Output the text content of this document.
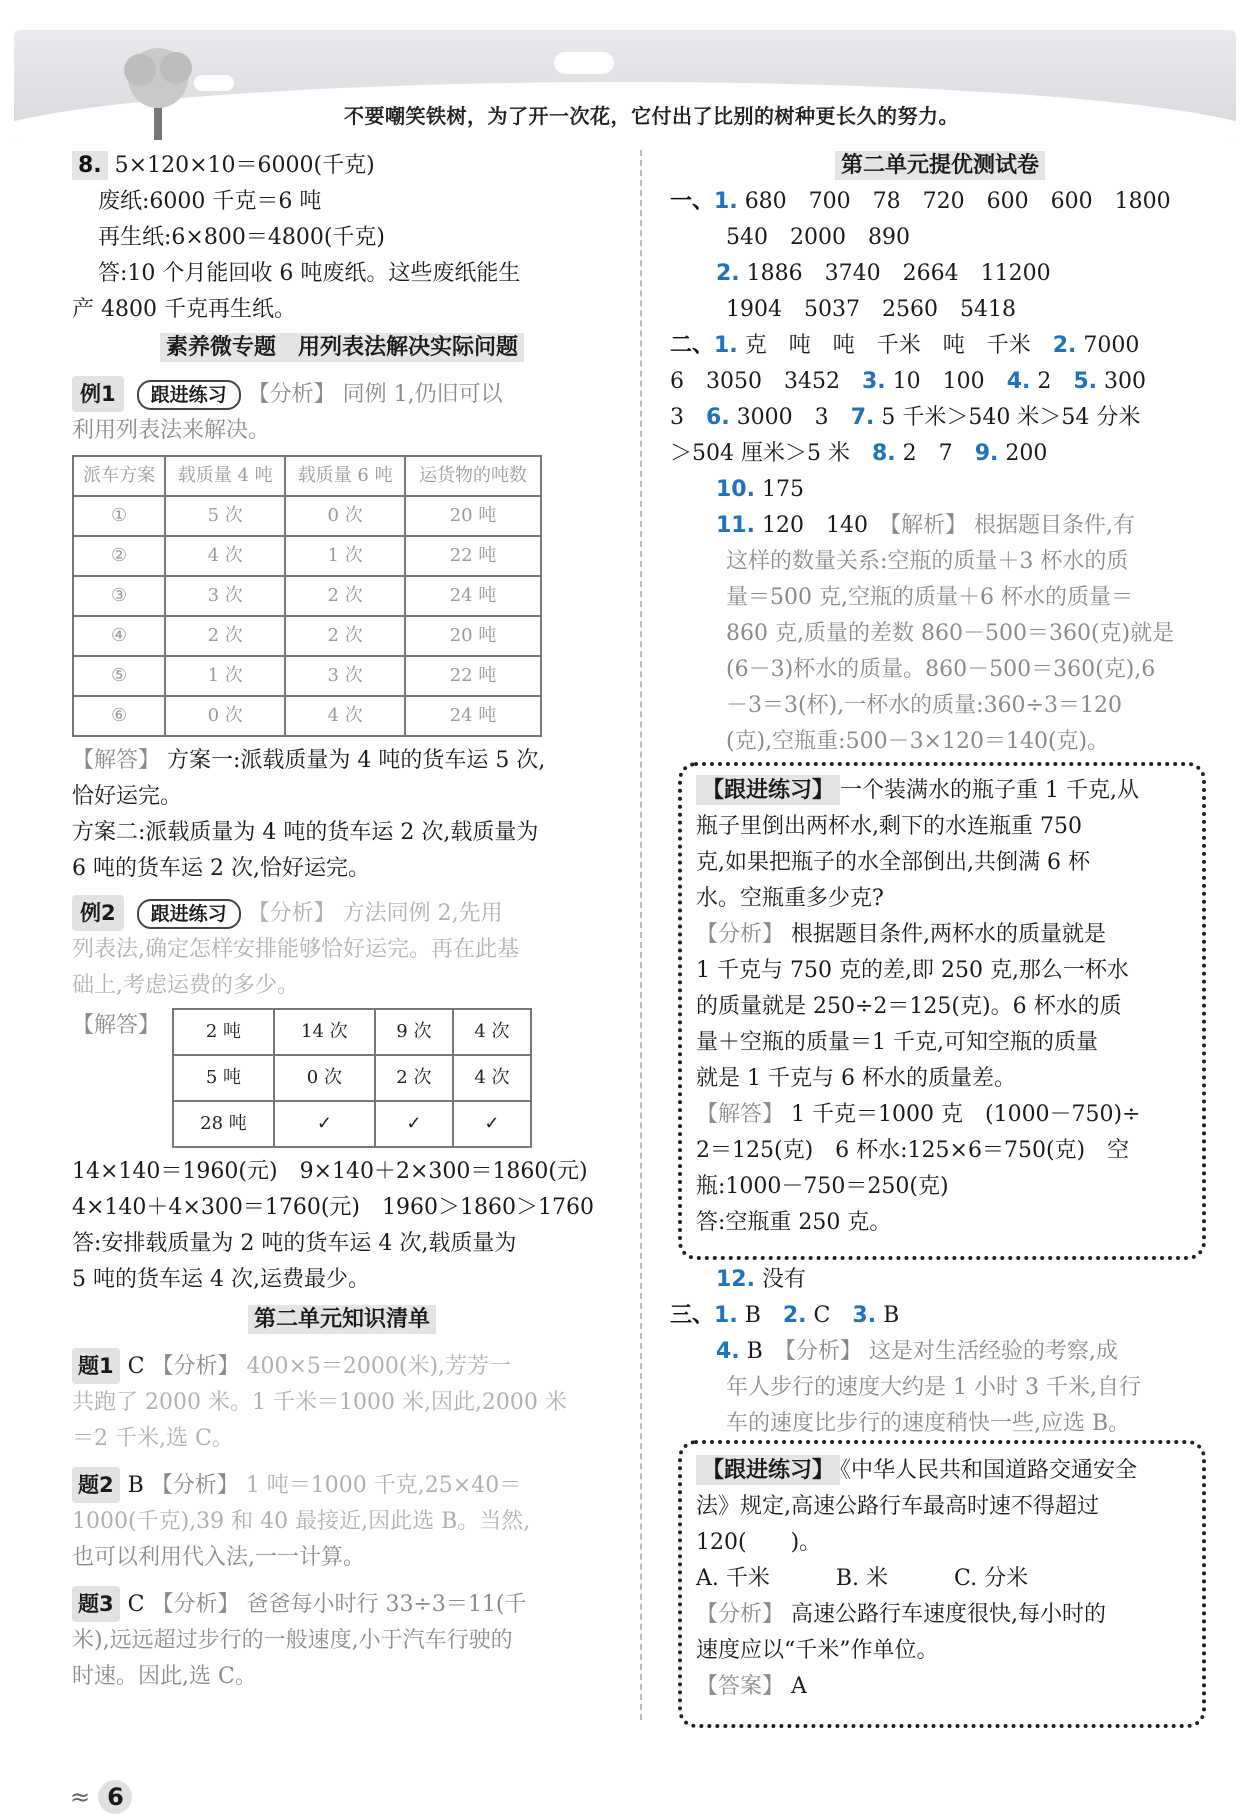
不要嘲笑铁树，为了开一次花，它付出了比别的树种更长久的努力。
8. 5×120×10＝6000(千克)
废纸:6000 千克＝6 吨
再生纸:6×800＝4800(千克)
答:10 个月能回收 6 吨废纸。这些废纸能生
产 4800 千克再生纸。
素养微专题　用列表法解决实际问题
例1 跟进练习 【分析】 同例 1,仍旧可以
利用列表法来解决。
派车方案	载质量 4 吨	载质量 6 吨	运货物的吨数
①	5 次	0 次	20 吨
②	4 次	1 次	22 吨
③	3 次	2 次	24 吨
④	2 次	2 次	20 吨
⑤	1 次	3 次	22 吨
⑥	0 次	4 次	24 吨
【解答】 方案一:派载质量为 4 吨的货车运 5 次,
恰好运完。
方案二:派载质量为 4 吨的货车运 2 次,载质量为
6 吨的货车运 2 次,恰好运完。
例2 跟进练习 【分析】 方法同例 2,先用
列表法,确定怎样安排能够恰好运完。再在此基
础上,考虑运费的多少。
【解答】	2 吨	14 次	9 次	4 次
5 吨	0 次	2 次	4 次
28 吨	✓	✓	✓
14×140＝1960(元)　9×140＋2×300＝1860(元)
4×140＋4×300＝1760(元)　1960＞1860＞1760
答:安排载质量为 2 吨的货车运 4 次,载质量为
5 吨的货车运 4 次,运费最少。
第二单元知识清单
题1 C 【分析】 400×5＝2000(米),芳芳一
共跑了 2000 米。1 千米＝1000 米,因此,2000 米
＝2 千米,选 C。
题2 B 【分析】 1 吨＝1000 千克,25×40＝
1000(千克),39 和 40 最接近,因此选 B。当然,
也可以利用代入法,一一计算。
题3 C 【分析】 爸爸每小时行 33÷3＝11(千
米),远远超过步行的一般速度,小于汽车行驶的
时速。因此,选 C。
第二单元提优测试卷
一、1. 680　700　78　720　600　600　1800
540　2000　890
2. 1886　3740　2664　11200
1904　5037　2560　5418
二、1. 克　吨　吨　千米　吨　千米　 2. 7000
6　3050　3452　 3. 10　100　 4. 2　 5. 300
3　 6. 3000　3　 7. 5 千米＞540 米＞54 分米
＞504 厘米＞5 米　 8. 2　7　 9. 200
10. 175
11. 120　140　 【解析】 根据题目条件,有
这样的数量关系:空瓶的质量＋3 杯水的质
量＝500 克,空瓶的质量＋6 杯水的质量＝
860 克,质量的差数 860－500＝360(克)就是
(6－3)杯水的质量。860－500＝360(克),6
－3＝3(杯),一杯水的质量:360÷3＝120
(克),空瓶重:500－3×120＝140(克)。
【跟进练习】 一个装满水的瓶子重 1 千克,从
瓶子里倒出两杯水,剩下的水连瓶重 750
克,如果把瓶子的水全部倒出,共倒满 6 杯
水。空瓶重多少克?
【分析】 根据题目条件,两杯水的质量就是
1 千克与 750 克的差,即 250 克,那么一杯水
的质量就是 250÷2＝125(克)。6 杯水的质
量＋空瓶的质量＝1 千克,可知空瓶的质量
就是 1 千克与 6 杯水的质量差。
【解答】 1 千克＝1000 克　(1000－750)÷
2＝125(克)　6 杯水:125×6＝750(克)　空
瓶:1000－750＝250(克)
答:空瓶重 250 克。
12. 没有
三、1. B　 2. C　 3. B
4. B　 【分析】 这是对生活经验的考察,成
年人步行的速度大约是 1 小时 3 千米,自行
车的速度比步行的速度稍快一些,应选 B。
【跟进练习】 《中华人民共和国道路交通安全
法》规定,高速公路行车最高时速不得超过
120(　　)。
A. 千米　　　B. 米　　　C. 分米
【分析】 高速公路行车速度很快,每小时的
速度应以“千米”作单位。
【答案】 A
≈ 6
